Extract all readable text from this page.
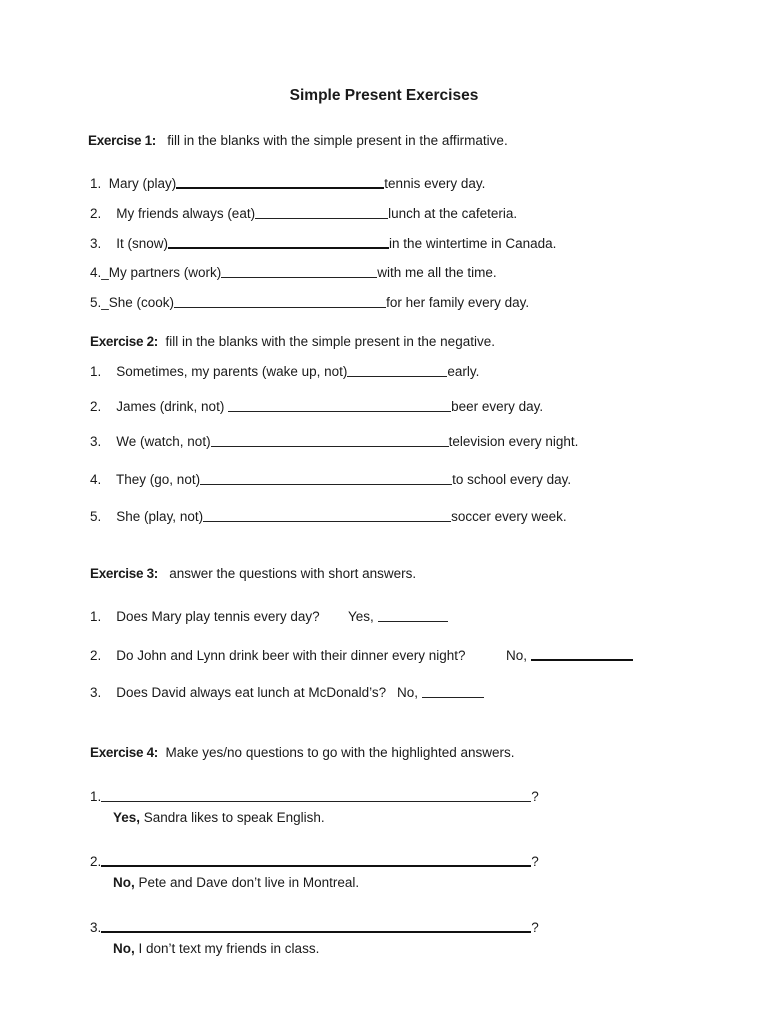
Simple Present Exercises
Exercise 1: fill in the blanks with the simple present in the affirmative.
1. Mary (play)	tennis every day.
2. My friends always (eat)	lunch at the cafeteria.
3. It (snow)	in the wintertime in Canada.
4._My partners (work)	with me all the time.
5._She (cook)	for her family every day.
Exercise 2: fill in the blanks with the simple present in the negative.
1. Sometimes, my parents (wake up, not)	early.
2. James (drink, not)	beer every day.
3. We (watch, not)	television every night.
4. They (go, not)	to school every day.
5. She (play, not)	soccer every week.
Exercise 3: answer the questions with short answers.
1. Does Mary play tennis every day? Yes,
2. Do John and Lynn drink beer with their dinner every night?	No,
3. Does David always eat lunch at McDonald’s? No,
Exercise 4: Make yes/no questions to go with the highlighted answers.
1.	?
Yes, Sandra likes to speak English.
2.	?
No, Pete and Dave don’t live in Montreal.
3.	?
No, I don’t text my friends in class.
